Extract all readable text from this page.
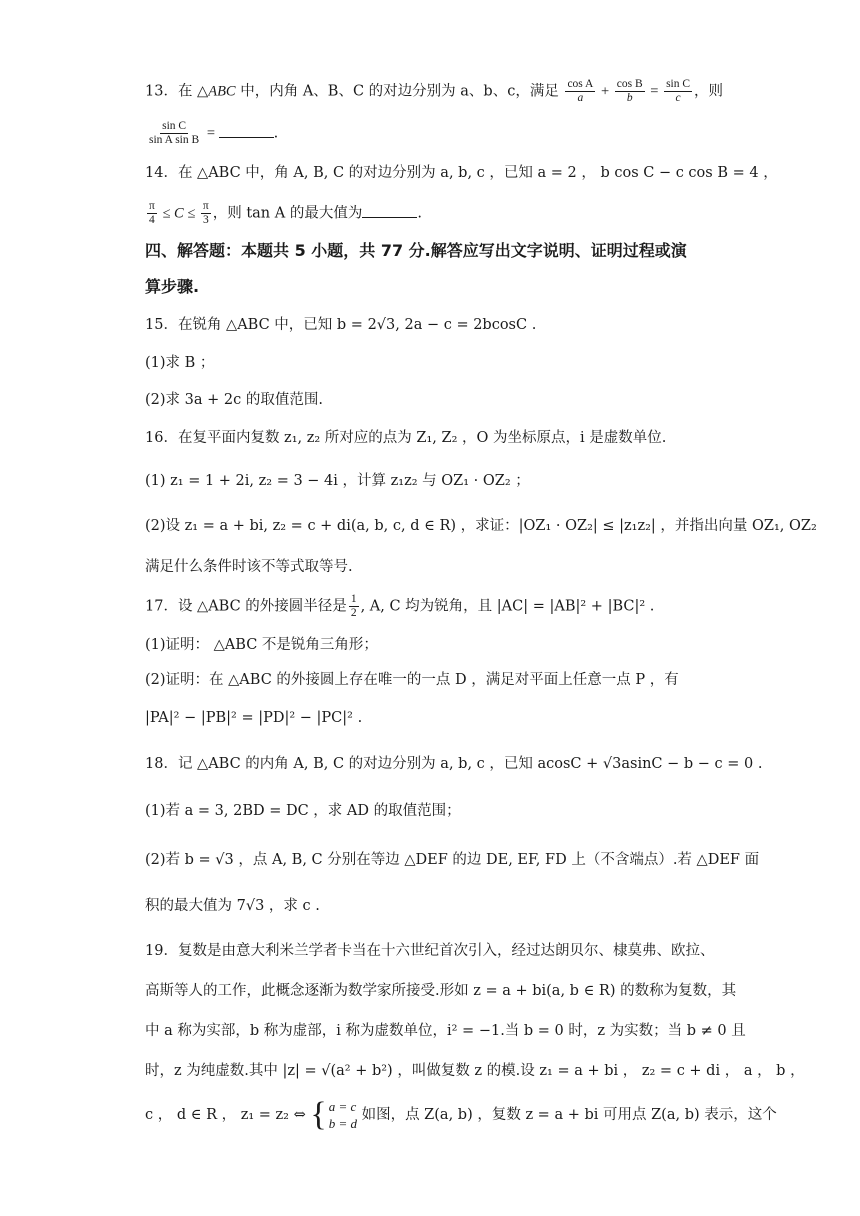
13．在 △ABC 中，内角 A、B、C 的对边分别为 a、b、c，满足 $\frac{\text{cos A}}{a} + \frac{\text{cos B}}{b} = \frac{\text{sin C}}{c}$ ，则
$\frac{\text{sin C}}{\text{sin A sin B}}$ =	.
14．在 △ABC 中，角 A, B, C 的对边分别为 a, b, c ，已知 a = 2 ， b cos C − c cos B = 4 ，
$\frac{\pi}{4} \le C \le \frac{\pi}{3}$ ，则 tan A 的最大值为	.
四、解答题：本题共 5 小题，共 77 分.解答应写出文字说明、证明过程或演
算步骤.
15．在锐角 △ABC 中，已知 b = 2√3, 2a − c = 2bcosC .
(1)求 B ；
(2)求 3a + 2c 的取值范围.
16．在复平面内复数 z₁, z₂ 所对应的点为 Z₁, Z₂ ，O 为坐标原点，i 是虚数单位.
(1) z₁ = 1 + 2i, z₂ = 3 − 4i ，计算 z₁z₂ 与 OZ₁ · OZ₂ ；
(2)设 z₁ = a + bi, z₂ = c + di(a, b, c, d ∈ R) ，求证：|OZ₁ · OZ₂| ≤ |z₁z₂| ，并指出向量 OZ₁, OZ₂
满足什么条件时该不等式取等号.
17．设 △ABC 的外接圆半径是 $\frac{1}{2}$ , A, C 均为锐角，且 |AC| = |AB|² + |BC|² .
(1)证明： △ABC 不是锐角三角形；
(2)证明：在 △ABC 的外接圆上存在唯一的一点 D ，满足对平面上任意一点 P ，有
|PA|² − |PB|² = |PD|² − |PC|² .
18．记 △ABC 的内角 A, B, C 的对边分别为 a, b, c ，已知 acosC + √3asinC − b − c = 0 .
(1)若 a = 3, 2BD = DC ，求 AD 的取值范围；
(2)若 b = √3 ，点 A, B, C 分别在等边 △DEF 的边 DE, EF, FD 上（不含端点）.若 △DEF 面
积的最大值为 7√3 ，求 c .
19．复数是由意大利米兰学者卡当在十六世纪首次引入，经过达朗贝尔、棣莫弗、欧拉、
高斯等人的工作，此概念逐渐为数学家所接受.形如 z = a + bi(a, b ∈ R) 的数称为复数，其
中 a 称为实部，b 称为虚部，i 称为虚数单位，i² = −1.当 b = 0 时，z 为实数；当 b ≠ 0 且
时，z 为纯虚数.其中 |z| = √(a² + b²) ，叫做复数 z 的模.设 z₁ = a + bi ， z₂ = c + di ， a ， b ，
c ， d ∈ R ， z₁ = z₂ ⇔ { a = c
b = d
如图，点 Z(a, b) ，复数 z = a + bi 可用点 Z(a, b) 表示，这个
